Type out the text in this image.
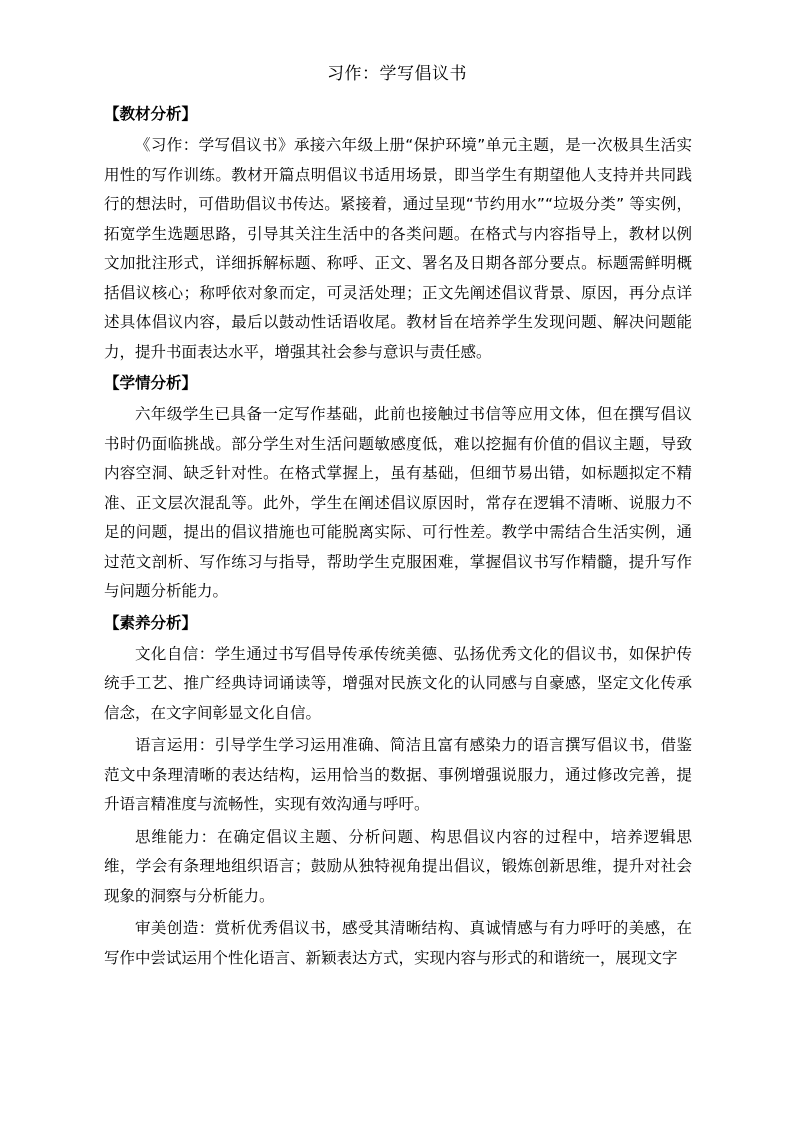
习作：学写倡议书
【教材分析】

《习作：学写倡议书》承接六年级上册“保护环境”单元主题，是一次极具生活实用性的写作训练。教材开篇点明倡议书适用场景，即当学生有期望他人支持并共同践行的想法时，可借助倡议书传达。紧接着，通过呈现“节约用水”“垃圾分类” 等实例，拓宽学生选题思路，引导其关注生活中的各类问题。在格式与内容指导上，教材以例文加批注形式，详细拆解标题、称呼、正文、署名及日期各部分要点。标题需鲜明概括倡议核心；称呼依对象而定，可灵活处理；正文先阐述倡议背景、原因，再分点详述具体倡议内容，最后以鼓动性话语收尾。教材旨在培养学生发现问题、解决问题能力，提升书面表达水平，增强其社会参与意识与责任感。

【学情分析】

六年级学生已具备一定写作基础，此前也接触过书信等应用文体，但在撰写倡议书时仍面临挑战。部分学生对生活问题敏感度低，难以挖掘有价值的倡议主题，导致内容空洞、缺乏针对性。在格式掌握上，虽有基础，但细节易出错，如标题拟定不精准、正文层次混乱等。此外，学生在阐述倡议原因时，常存在逻辑不清晰、说服力不足的问题，提出的倡议措施也可能脱离实际、可行性差。教学中需结合生活实例，通过范文剖析、写作练习与指导，帮助学生克服困难，掌握倡议书写作精髓，提升写作与问题分析能力。

【素养分析】

文化自信：学生通过书写倡导传承传统美德、弘扬优秀文化的倡议书，如保护传统手工艺、推广经典诗词诵读等，增强对民族文化的认同感与自豪感，坚定文化传承信念，在文字间彰显文化自信。

语言运用：引导学生学习运用准确、简洁且富有感染力的语言撰写倡议书，借鉴范文中条理清晰的表达结构，运用恰当的数据、事例增强说服力，通过修改完善，提升语言精准度与流畅性，实现有效沟通与呼吁。

思维能力：在确定倡议主题、分析问题、构思倡议内容的过程中，培养逻辑思维，学会有条理地组织语言；鼓励从独特视角提出倡议，锻炼创新思维，提升对社会现象的洞察与分析能力。

审美创造：赏析优秀倡议书，感受其清晰结构、真诚情感与有力呼吁的美感，在写作中尝试运用个性化语言、新颖表达方式，实现内容与形式的和谐统一，展现文字
